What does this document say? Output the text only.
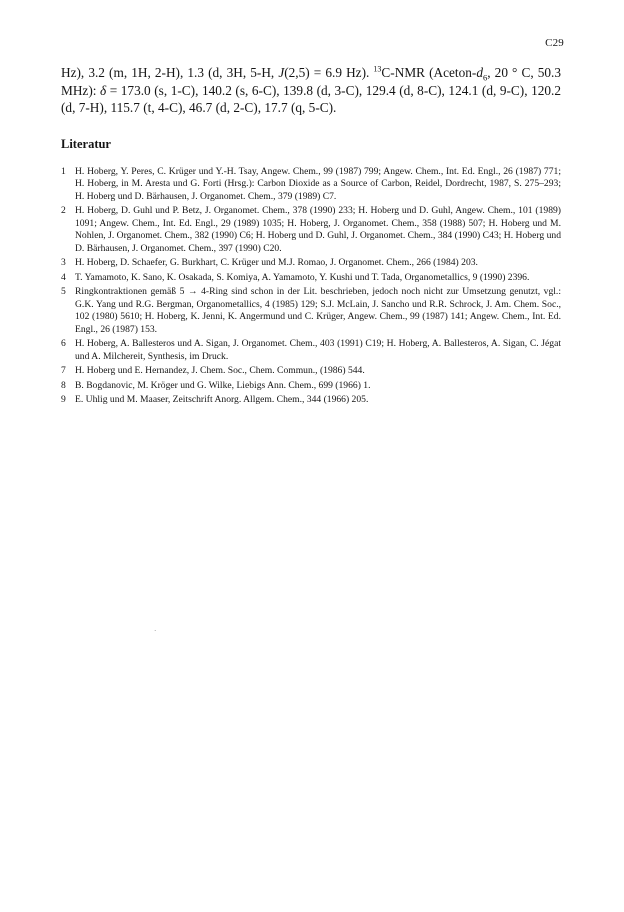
C29

Hz), 3.2 (m, 1H, 2-H), 1.3 (d, 3H, 5-H, J(2,5) = 6.9 Hz). $^{13}$C-NMR ($Aceton-d_6$, 20 ° C, 50.3 MHz): δ = 173.0 (s, 1-C), 140.2 (s, 6-C), 139.8 (d, 3-C), 129.4 (d, 8-C), 124.1 (d, 9-C), 120.2 (d, 7-H), 115.7 (t, 4-C), 46.7 (d, 2-C), 17.7 (q, 5-C).

Literatur
1 H. Hoberg, Y. Peres, C. Krüger und Y.-H. Tsay, Angew. Chem., 99 (1987) 799; Angew. Chem., Int. Ed. Engl., 26 (1987) 771; H. Hoberg, in M. Aresta und G. Forti (Hrsg.): Carbon Dioxide as a Source of Carbon, Reidel, Dordrecht, 1987, S. 275–293; H. Hoberg und D. Bärhausen, J. Organomet. Chem., 379 (1989) C7.
2 H. Hoberg, D. Guhl und P. Betz, J. Organomet. Chem., 378 (1990) 233; H. Hoberg und D. Guhl, Angew. Chem., 101 (1989) 1091; Angew. Chem., Int. Ed. Engl., 29 (1989) 1035; H. Hoberg, J. Organomet. Chem., 358 (1988) 507; H. Hoberg und M. Nohlen, J. Organomet. Chem., 382 (1990) C6; H. Hoberg und D. Guhl, J. Organomet. Chem., 384 (1990) C43; H. Hoberg und D. Bärhausen, J. Organomet. Chem., 397 (1990) C20.
3 H. Hoberg, D. Schaefer, G. Burkhart, C. Krüger und M.J. Romao, J. Organomet. Chem., 266 (1984) 203.
4 T. Yamamoto, K. Sano, K. Osakada, S. Komiya, A. Yamamoto, Y. Kushi und T. Tada, Organometallics, 9 (1990) 2396.
5 Ringkontraktionen gemäß 5 → 4-Ring sind schon in der Lit. beschrieben, jedoch noch nicht zur Umsetzung genutzt, vgl.: G.K. Yang und R.G. Bergman, Organometallics, 4 (1985) 129; S.J. McLain, J. Sancho und R.R. Schrock, J. Am. Chem. Soc., 102 (1980) 5610; H. Hoberg, K. Jenni, K. Angermund und C. Krüger, Angew. Chem., 99 (1987) 141; Angew. Chem., Int. Ed. Engl., 26 (1987) 153.
6 H. Hoberg, A. Ballesteros und A. Sigan, J. Organomet. Chem., 403 (1991) C19; H. Hoberg, A. Ballesteros, A. Sigan, C. Jégat und A. Milchereit, Synthesis, im Druck.
7 H. Hoberg und E. Hernandez, J. Chem. Soc., Chem. Commun., (1986) 544.
8 B. Bogdanovic, M. Kröger und G. Wilke, Liebigs Ann. Chem., 699 (1966) 1.
9 E. Uhlig und M. Maaser, Zeitschrift Anorg. Allgem. Chem., 344 (1966) 205.
·
